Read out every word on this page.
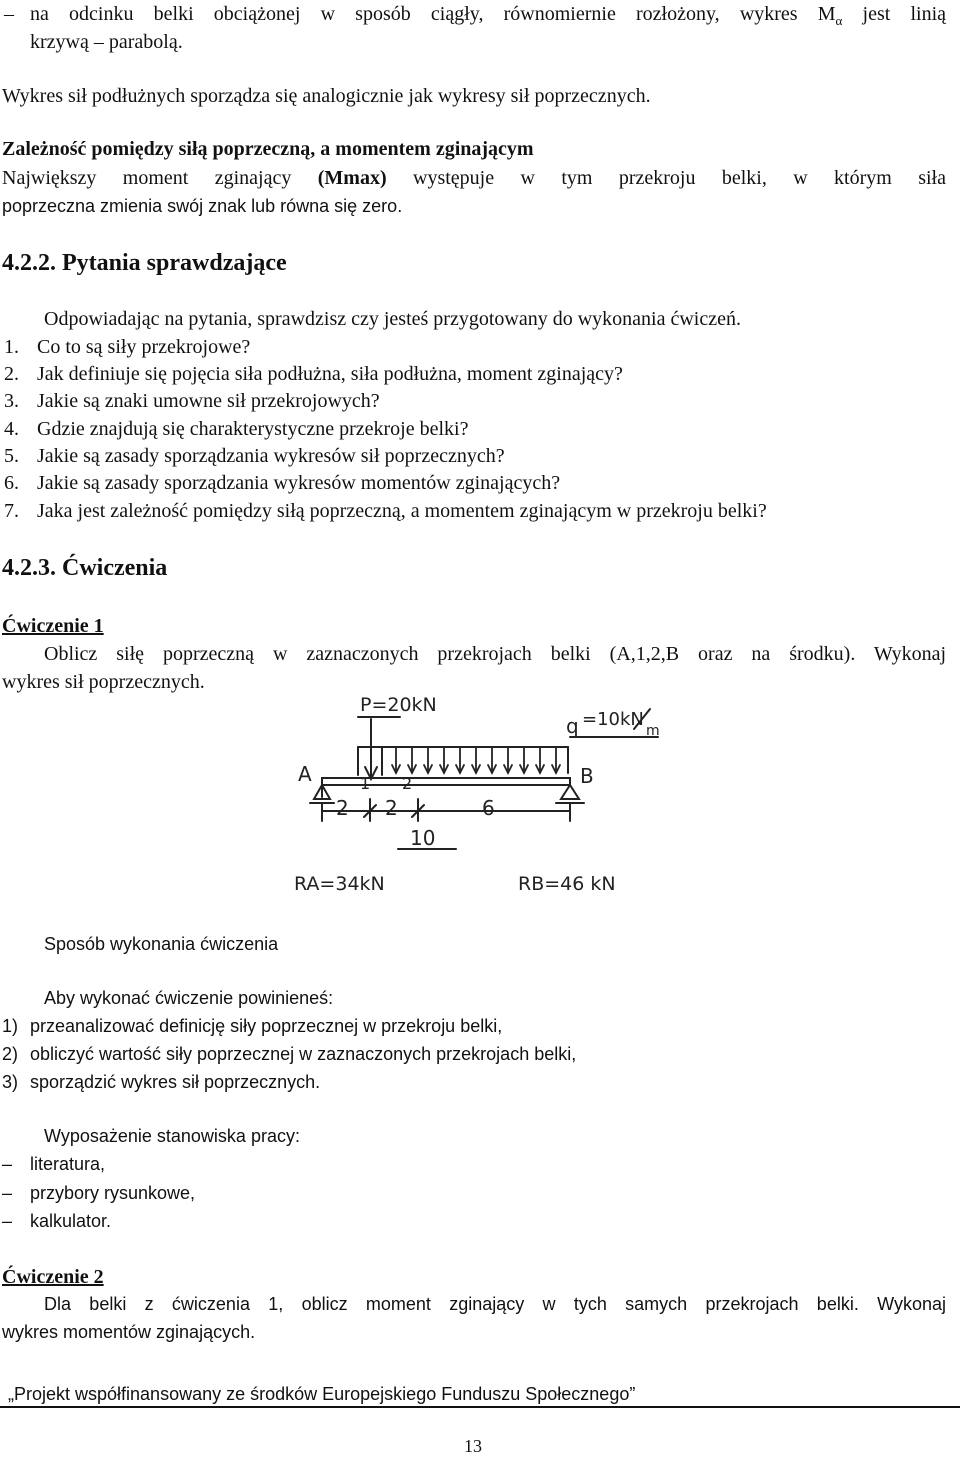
– na odcinku belki obciążonej w sposób ciągły, równomiernie rozłożony, wykres $M_\alpha$ jest linią
krzywą – parabolą.
Wykres sił podłużnych sporządza się analogicznie jak wykresy sił poprzecznych.
Zależność pomiędzy siłą poprzeczną, a momentem zginającym
Największy moment zginający (Mmax) występuje w tym przekroju belki, w którym siła
poprzeczna zmienia swój znak lub równa się zero.
4.2.2. Pytania sprawdzające
Odpowiadając na pytania, sprawdzisz czy jesteś przygotowany do wykonania ćwiczeń.
1. Co to są siły przekrojowe?
2. Jak definiuje się pojęcia siła podłużna, siła podłużna, moment zginający?
3. Jakie są znaki umowne sił przekrojowych?
4. Gdzie znajdują się charakterystyczne przekroje belki?
5. Jakie są zasady sporządzania wykresów sił poprzecznych?
6. Jakie są zasady sporządzania wykresów momentów zginających?
7. Jaka jest zależność pomiędzy siłą poprzeczną, a momentem zginającym w przekroju belki?
4.2.3. Ćwiczenia
Ćwiczenie 1
Oblicz siłę poprzeczną w zaznaczonych przekrojach belki (A,1,2,B oraz na środku). Wykonaj
wykres sił poprzecznych.
P=20kN
q =10kN
m
A	B
1 2
2 2	6
10
RA=34kN	RB=46 kN
Sposób wykonania ćwiczenia
Aby wykonać ćwiczenie powinieneś:
1) przeanalizować definicję siły poprzecznej w przekroju belki,
2) obliczyć wartość siły poprzecznej w zaznaczonych przekrojach belki,
3) sporządzić wykres sił poprzecznych.
Wyposażenie stanowiska pracy:
– literatura,
– przybory rysunkowe,
– kalkulator.
Ćwiczenie 2
Dla belki z ćwiczenia 1, oblicz moment zginający w tych samych przekrojach belki. Wykonaj
wykres momentów zginających.
„Projekt współfinansowany ze środków Europejskiego Funduszu Społecznego”
13
